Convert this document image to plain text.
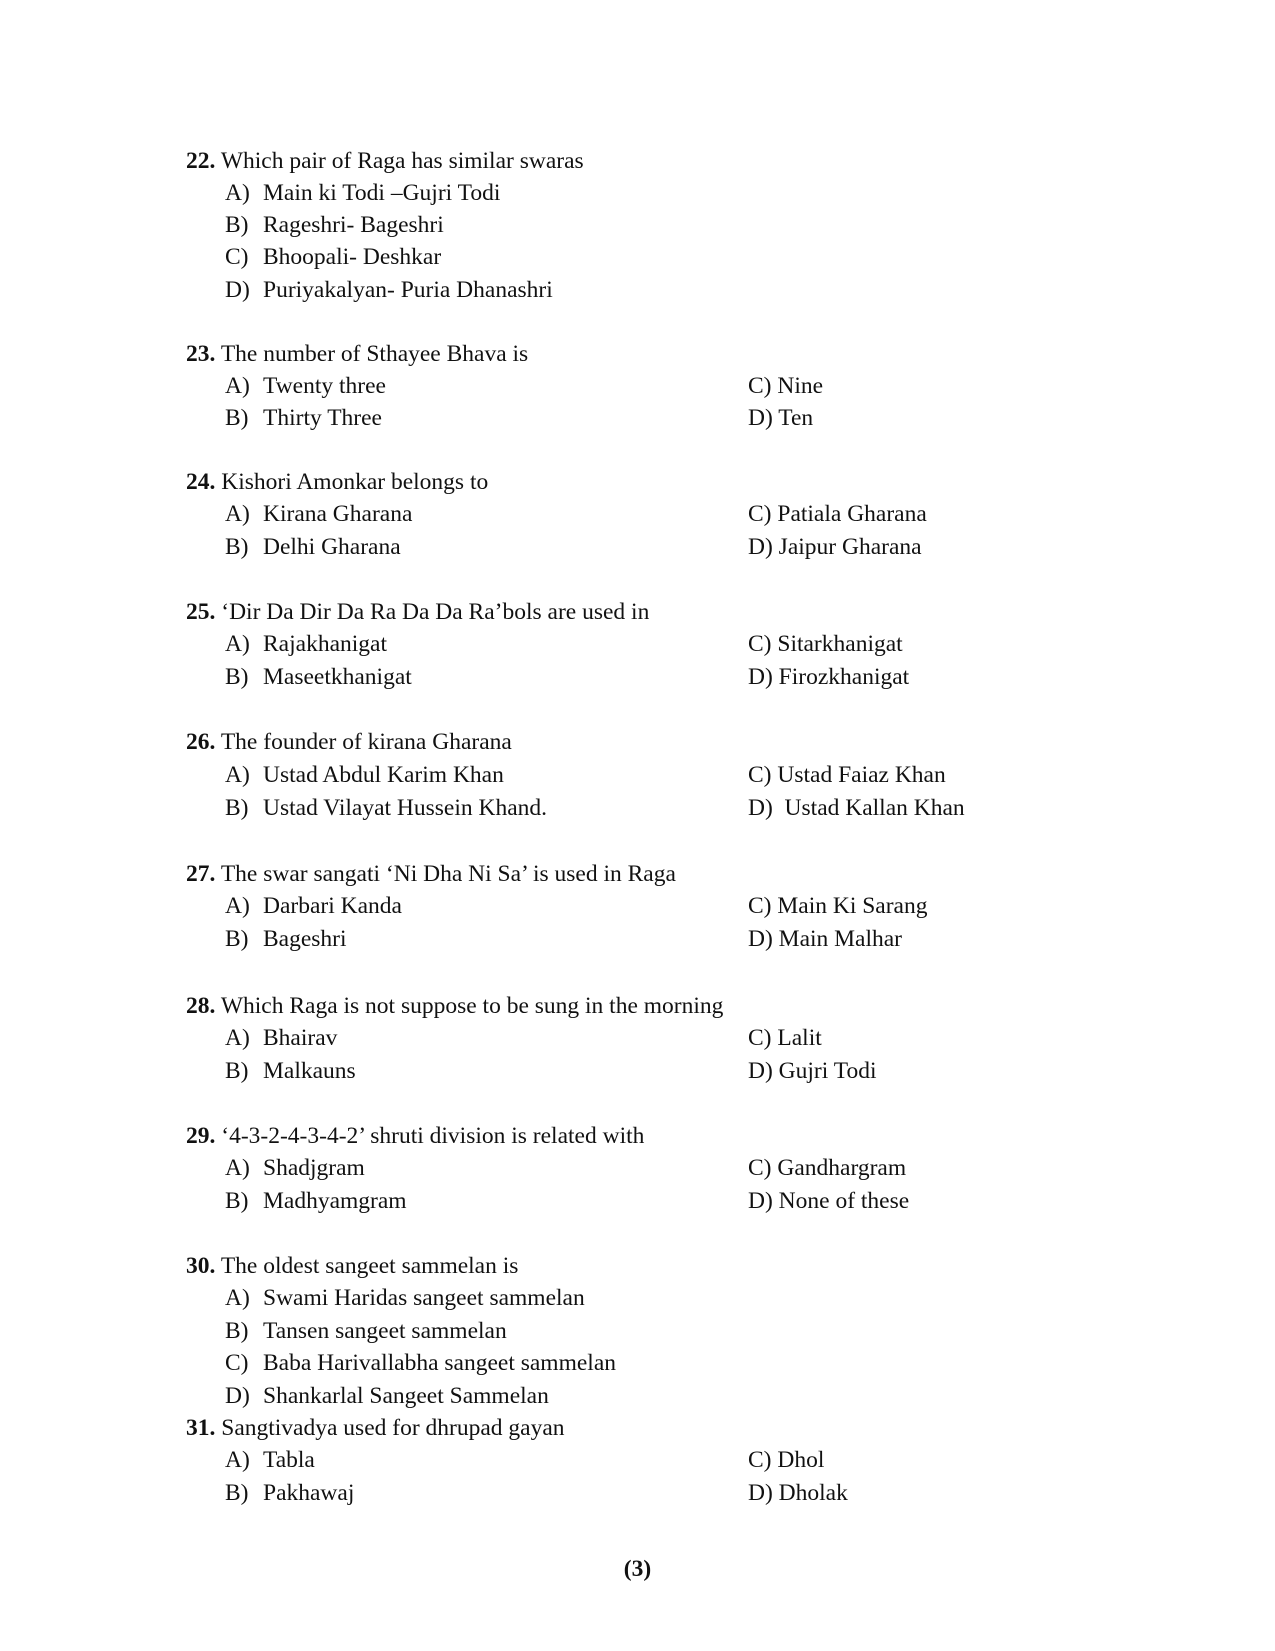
22. Which pair of Raga has similar swaras
A) Main ki Todi –Gujri Todi
B) Rageshri- Bageshri
C) Bhoopali- Deshkar
D) Puriyakalyan- Puria Dhanashri
23. The number of Sthayee Bhava is
A) Twenty three	C) Nine
B) Thirty Three	D) Ten
24. Kishori Amonkar belongs to
A) Kirana Gharana	C) Patiala Gharana
B) Delhi Gharana	D) Jaipur Gharana
25. ‘Dir Da Dir Da Ra Da Da Ra’bols are used in
A) Rajakhanigat	C) Sitarkhanigat
B) Maseetkhanigat	D) Firozkhanigat
26. The founder of kirana Gharana
A) Ustad Abdul Karim Khan	C) Ustad Faiaz Khan
B) Ustad Vilayat Hussein Khand.	D) Ustad Kallan Khan
27. The swar sangati ‘Ni Dha Ni Sa’ is used in Raga
A) Darbari Kanda	C) Main Ki Sarang
B) Bageshri	D) Main Malhar
28. Which Raga is not suppose to be sung in the morning
A) Bhairav	C) Lalit
B) Malkauns	D) Gujri Todi
29. ‘4-3-2-4-3-4-2’ shruti division is related with
A) Shadjgram	C) Gandhargram
B) Madhyamgram	D) None of these
30. The oldest sangeet sammelan is
A) Swami Haridas sangeet sammelan
B) Tansen sangeet sammelan
C) Baba Harivallabha sangeet sammelan
D) Shankarlal Sangeet Sammelan
31. Sangtivadya used for dhrupad gayan
A) Tabla	C) Dhol
B) Pakhawaj	D) Dholak
(3)
